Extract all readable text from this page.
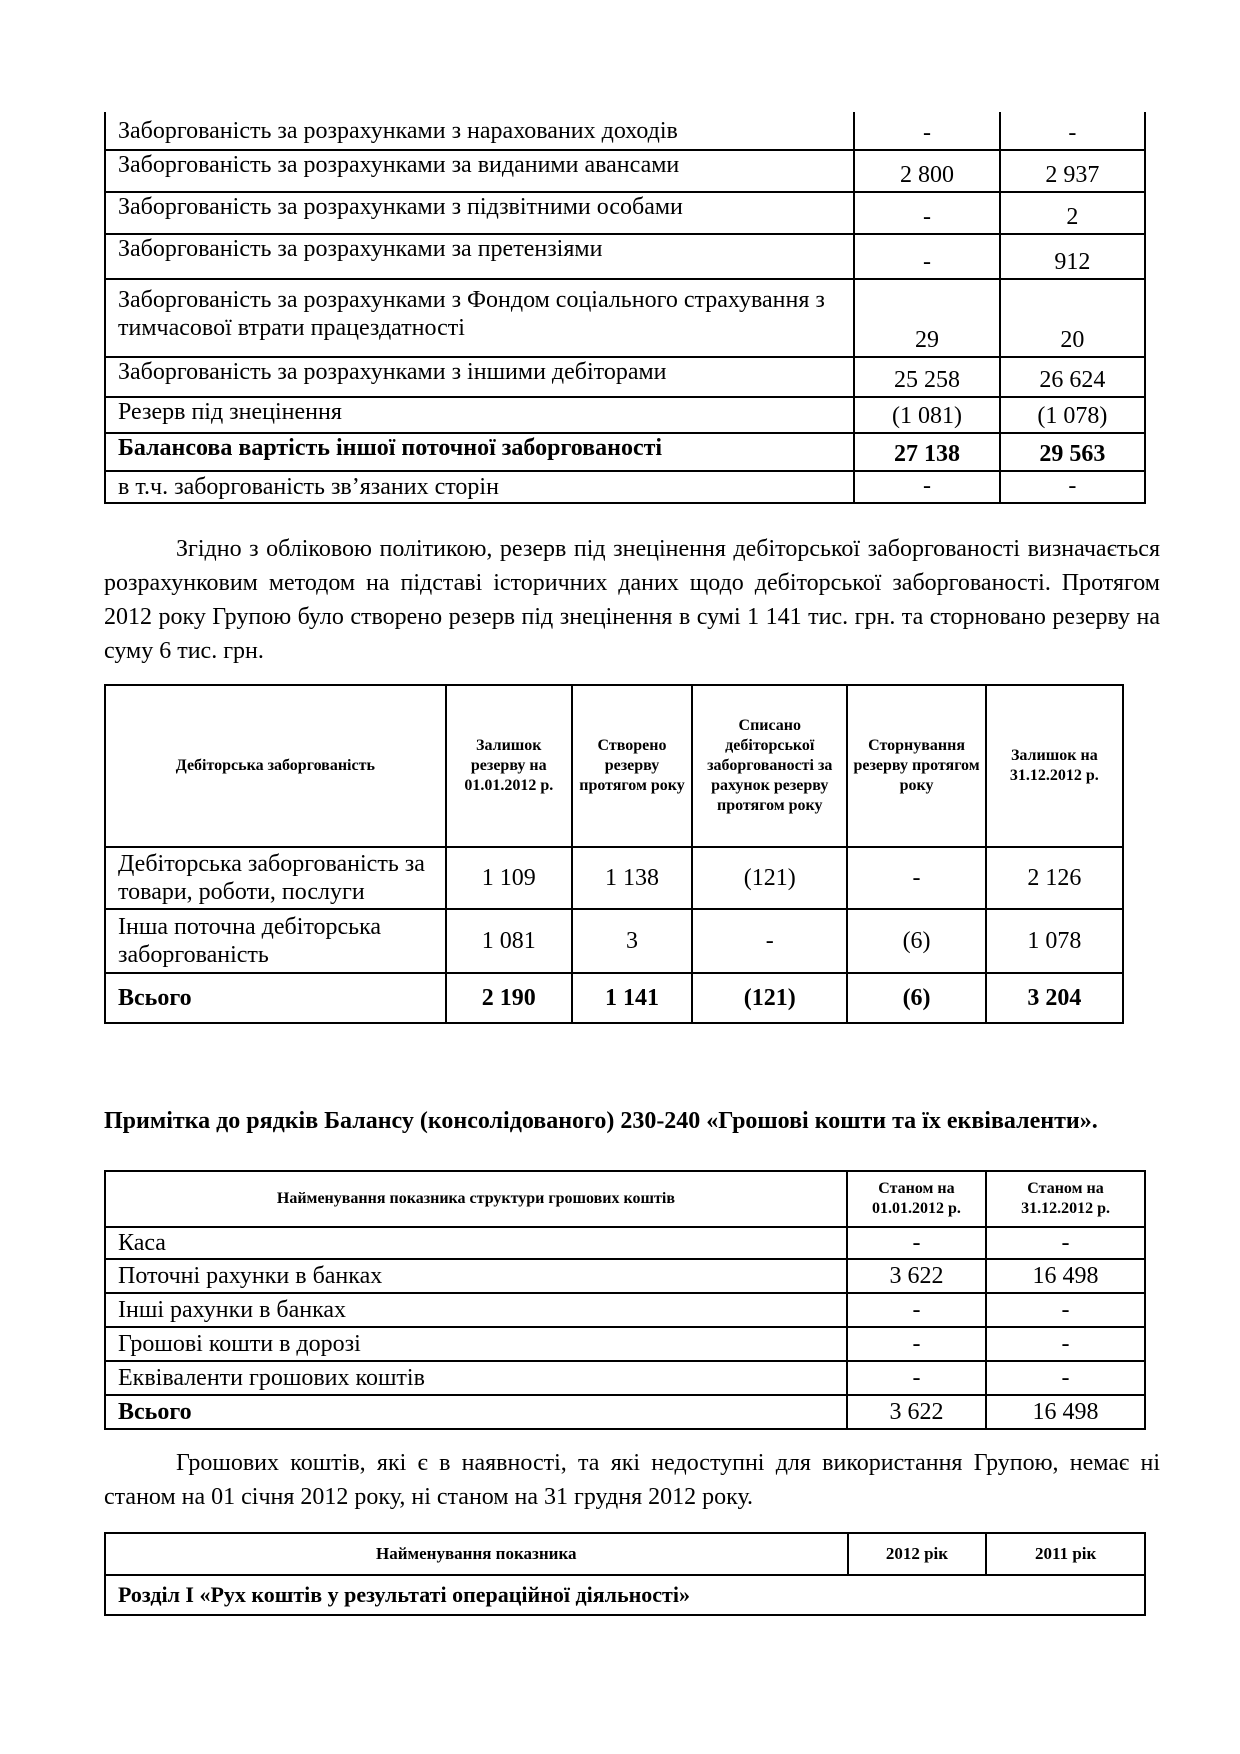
Заборгованість за розрахунками з нарахованих доходів	-	-
Заборгованість за розрахунками за виданими авансами	2 800	2 937
Заборгованість за розрахунками з підзвітними особами	-	2
Заборгованість за розрахунками за претензіями	-	912
Заборгованість за розрахунками з Фондом соціального страхування з тимчасової втрати працездатності	29	20
Заборгованість за розрахунками з іншими дебіторами	25 258	26 624
Резерв під знецінення	(1 081)	(1 078)
Балансова вартість іншої поточної заборгованості	27 138	29 563
в т.ч. заборгованість зв’язаних сторін	-	-

Згідно з обліковою політикою, резерв під знецінення дебіторської заборгованості визначається розрахунковим методом на підставі історичних даних щодо дебіторської заборгованості. Протягом 2012 року Групою було створено резерв під знецінення в сумі 1 141 тис. грн. та сторновано резерву на суму 6 тис. грн.

Дебіторська заборгованість	Залишок резерву на 01.01.2012 р.	Створено резерву протягом року	Списано дебіторської заборгованості за рахунок резерву протягом року	Сторнування резерву протягом року	Залишок на 31.12.2012 р.
Дебіторська заборгованість за товари, роботи, послуги	1 109	1 138	(121)	-	2 126
Інша поточна дебіторська заборгованість	1 081	3	-	(6)	1 078
Всього	2 190	1 141	(121)	(6)	3 204

Примітка до рядків Балансу (консолідованого) 230-240 «Грошові кошти та їх еквіваленти».

Найменування показника структури грошових коштів	Станом на 01.01.2012 р.	Станом на 31.12.2012 р.
Каса	-	-
Поточні рахунки в банках	3 622	16 498
Інші рахунки в банках	-	-
Грошові кошти в дорозі	-	-
Еквіваленти грошових коштів	-	-
Всього	3 622	16 498

Грошових коштів, які є в наявності, та які недоступні для використання Групою, немає ні станом на 01 січня 2012 року, ні станом на 31 грудня 2012 року.

Найменування показника	2012 рік	2011 рік
Розділ І «Рух коштів у результаті операційної діяльності»
